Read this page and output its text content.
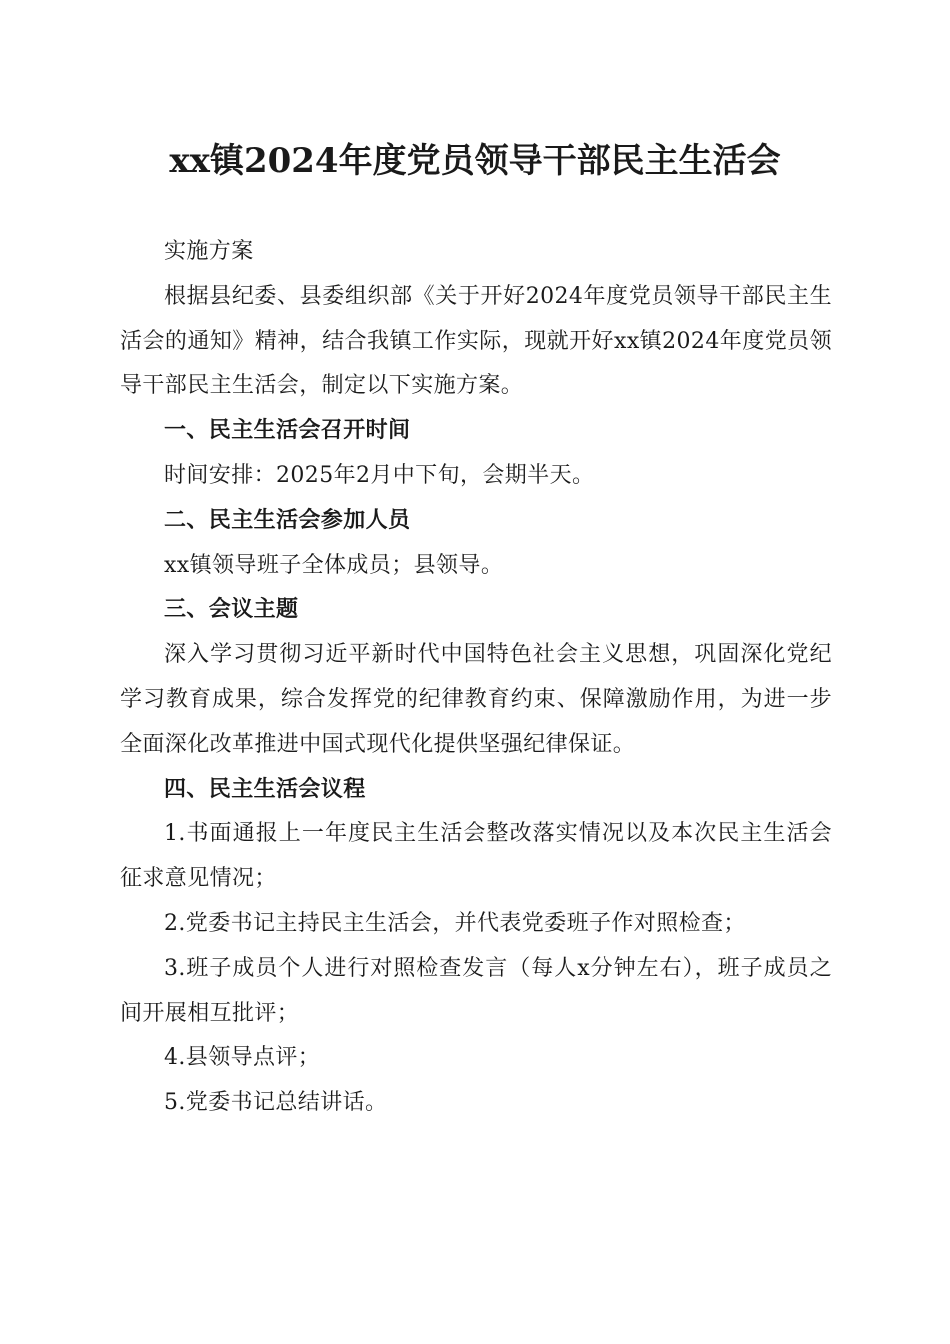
xx镇2024年度党员领导干部民主生活会

实施方案

根据县纪委、县委组织部《关于开好2024年度党员领导干部民主生活会的通知》精神，结合我镇工作实际，现就开好xx镇2024年度党员领导干部民主生活会，制定以下实施方案。

一、民主生活会召开时间

时间安排：2025年2月中下旬，会期半天。

二、民主生活会参加人员

xx镇领导班子全体成员；县领导。

三、会议主题

深入学习贯彻习近平新时代中国特色社会主义思想，巩固深化党纪学习教育成果，综合发挥党的纪律教育约束、保障激励作用，为进一步全面深化改革推进中国式现代化提供坚强纪律保证。

四、民主生活会议程

1.书面通报上一年度民主生活会整改落实情况以及本次民主生活会征求意见情况；

2.党委书记主持民主生活会，并代表党委班子作对照检查；

3.班子成员个人进行对照检查发言（每人x分钟左右），班子成员之间开展相互批评；

4.县领导点评；

5.党委书记总结讲话。
